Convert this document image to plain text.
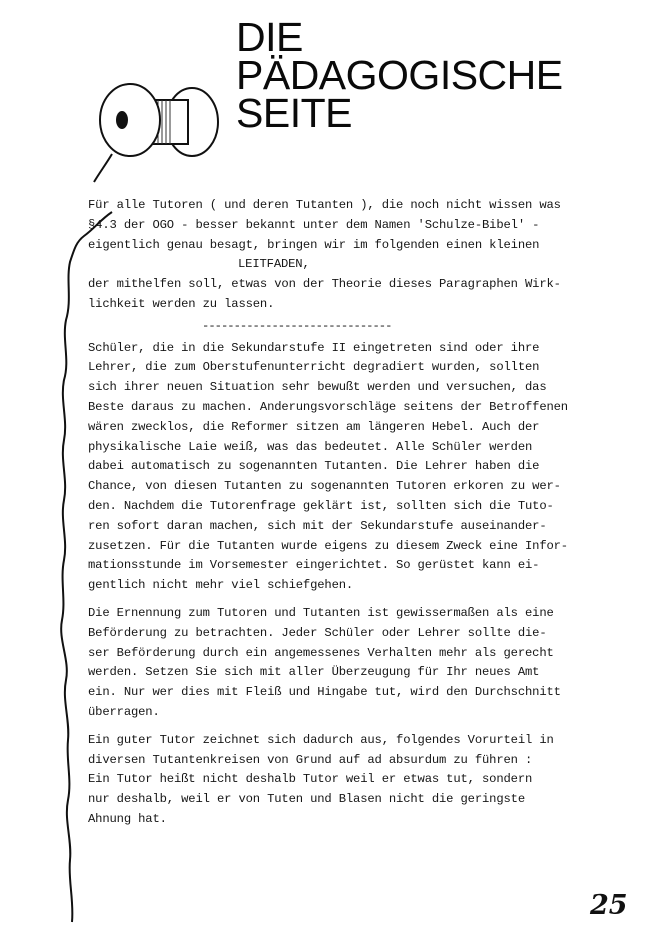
DIE
PÄDAGOGISCHE
SEITE
Für alle Tutoren ( und deren Tutanten ), die noch nicht wissen was
§4.3 der OGO - besser bekannt unter dem Namen 'Schulze-Bibel' -
eigentlich genau besagt, bringen wir im folgenden einen kleinen
LEITFADEN,
der mithelfen soll, etwas von der Theorie dieses Paragraphen Wirk-
lichkeit werden zu lassen.
------------------------------
Schüler, die in die Sekundarstufe II eingetreten sind oder ihre
Lehrer, die zum Oberstufenunterricht degradiert wurden, sollten
sich ihrer neuen Situation sehr bewußt werden und versuchen, das
Beste daraus zu machen. Anderungsvorschläge seitens der Betroffenen
wären zwecklos, die Reformer sitzen am längeren Hebel. Auch der
physikalische Laie weiß, was das bedeutet. Alle Schüler werden
dabei automatisch zu sogenannten Tutanten. Die Lehrer haben die
Chance, von diesen Tutanten zu sogenannten Tutoren erkoren zu wer-
den. Nachdem die Tutorenfrage geklärt ist, sollten sich die Tuto-
ren sofort daran machen, sich mit der Sekundarstufe auseinander-
zusetzen. Für die Tutanten wurde eigens zu diesem Zweck eine Infor-
mationsstunde im Vorsemester eingerichtet. So gerüstet kann ei-
gentlich nicht mehr viel schiefgehen.
Die Ernennung zum Tutoren und Tutanten ist gewissermaßen als eine
Beförderung zu betrachten. Jeder Schüler oder Lehrer sollte die-
ser Beförderung durch ein angemessenes Verhalten mehr als gerecht
werden. Setzen Sie sich mit aller Überzeugung für Ihr neues Amt
ein. Nur wer dies mit Fleiß und Hingabe tut, wird den Durchschnitt
überragen.
Ein guter Tutor zeichnet sich dadurch aus, folgendes Vorurteil in
diversen Tutantenkreisen von Grund auf ad absurdum zu führen :
Ein Tutor heißt nicht deshalb Tutor weil er etwas tut, sondern
nur deshalb, weil er von Tuten und Blasen nicht die geringste
Ahnung hat.
25
